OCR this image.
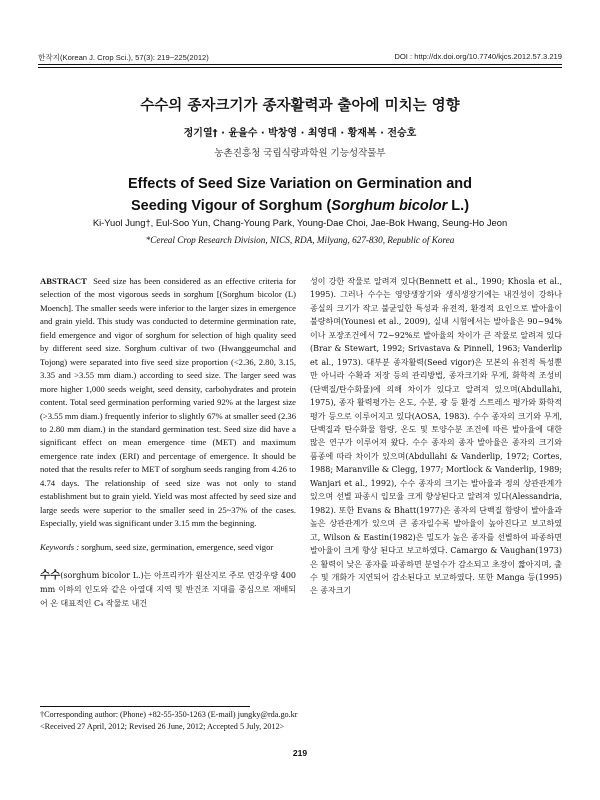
한작지(Korean J. Crop Sci.), 57(3): 219~225(2012)	DOI : http://dx.doi.org/10.7740/kjcs.2012.57.3.219
수수의 종자크기가 종자활력과 출아에 미치는 영향
정기열† · 윤을수 · 박창영 · 최영대 · 황재복 · 전승호
농촌진흥청 국립식량과학원 기능성작물부
Effects of Seed Size Variation on Germination and
Seeding Vigour of Sorghum (Sorghum bicolor L.)
Ki-Yuol Jung†, Eul-Soo Yun, Chang-Young Park, Young-Dae Choi, Jae-Bok Hwang, Seung-Ho Jeon
*Cereal Crop Research Division, NICS, RDA, Milyang, 627-830, Republic of Korea
ABSTRACT Seed size has been considered as an effective criteria for selection of the most vigorous seeds in sorghum [(Sorghum bicolor (L) Moench]. The smaller seeds were inferior to the larger sizes in emergence and grain yield. This study was conducted to determine germination rate, field emergence and vigor of sorghum for selection of high quality seed by different seed size. Sorghum cultivar of two (Hwanggeumchal and Tojong) were separated into five seed size proportion (<2.36, 2.80, 3.15, 3.35 and >3.55 mm diam.) according to seed size. The larger seed was more higher 1,000 seeds weight, seed density, carbohydrates and protein content. Total seed germination performing varied 92% at the largest size (>3.55 mm diam.) frequently inferior to slightly 67% at smaller seed (2.36 to 2.80 mm diam.) in the standard germination test. Seed size did have a significant effect on mean emergence time (MET) and maximum emergence rate index (ERI) and percentage of emergence. It should be noted that the results refer to MET of sorghum seeds ranging from 4.26 to 4.74 days. The relationship of seed size was not only to stand establishment but to grain yield. Yield was most affected by seed size and large seeds were superior to the smaller seed in 25~37% of the cases. Especially, yield was significant under 3.15 mm the beginning.
Keywords : sorghum, seed size, germination, emergence, seed vigor
수수(sorghum bicolor L.)는 아프리카가 원산지로 주로 연강우량 400 mm 이하의 인도와 같은 아열대 지역 및 반건조 지대를 중심으로 재배되어 온 대표적인 C₄ 작물로 내건
성이 강한 작물로 알려져 있다(Bennett et al., 1990; Khosla et al., 1995). 그러나 수수는 영양생장기와 생식생장기에는 내건성이 강하나 종실의 크기가 작고 불균일한 특성과 유전적, 환경적 요인으로 발아율이 불량하며(Younesi et al., 2009), 실내 시험에서는 발아율은 90~94%이나 포장조건에서 72~92%로 발아율의 차이가 큰 작물로 알려져 있다(Brar & Stewart, 1992; Srivastava & Pinnell, 1963; Vanderlip et al., 1973). 대부분 종자활력(Seed vigor)은 모본의 유전적 특성뿐만 아니라 수확과 저장 등의 관리방법, 종자크기와 무게, 화학적 조성비(단백질/탄수화물)에 의해 차이가 있다고 알려져 있으며(Abdullahi, 1975), 종자 활력평가는 온도, 수분, 광 등 환경 스트레스 평가와 화학적 평가 등으로 이루어지고 있다(AOSA, 1983). 수수 종자의 크기와 무게, 단백질과 탄수화물 함량, 온도 및 토양수분 조건에 따른 발아율에 대한 많은 연구가 이루어져 왔다. 수수 종자의 종자 발아율은 종자의 크기와 품종에 따라 차이가 있으며(Abdullahi & Vanderlip, 1972; Cortes, 1988; Maranville & Clegg, 1977; Mortlock & Vanderlip, 1989; Wanjari et al., 1992), 수수 종자의 크기는 발아율과 정의 상관관계가 있으며 선별 파종시 입모율 크게 향상된다고 알려져 있다(Alessandria, 1982). 또한 Evans & Bhatt(1977)은 종자의 단백질 함량이 발아율과 높은 상관관계가 있으며 큰 종자일수록 발아율이 높아진다고 보고하였고, Wilson & Eastin(1982)은 밀도가 높은 종자를 선별하여 파종하면 발아율이 크게 향상 된다고 보고하였다. Camargo & Vaughan(1973)은 활력이 낮은 종자를 파종하면 분얼수가 감소되고 초장이 짧아지며, 출수 및 개화가 지연되어 감소된다고 보고하였다. 또한 Manga 등(1995)은 종자크기
†Corresponding author: (Phone) +82-55-350-1263 (E-mail) jungky@rda.go.kr
<Received 27 April, 2012; Revised 26 June, 2012; Accepted 5 July, 2012>
219
